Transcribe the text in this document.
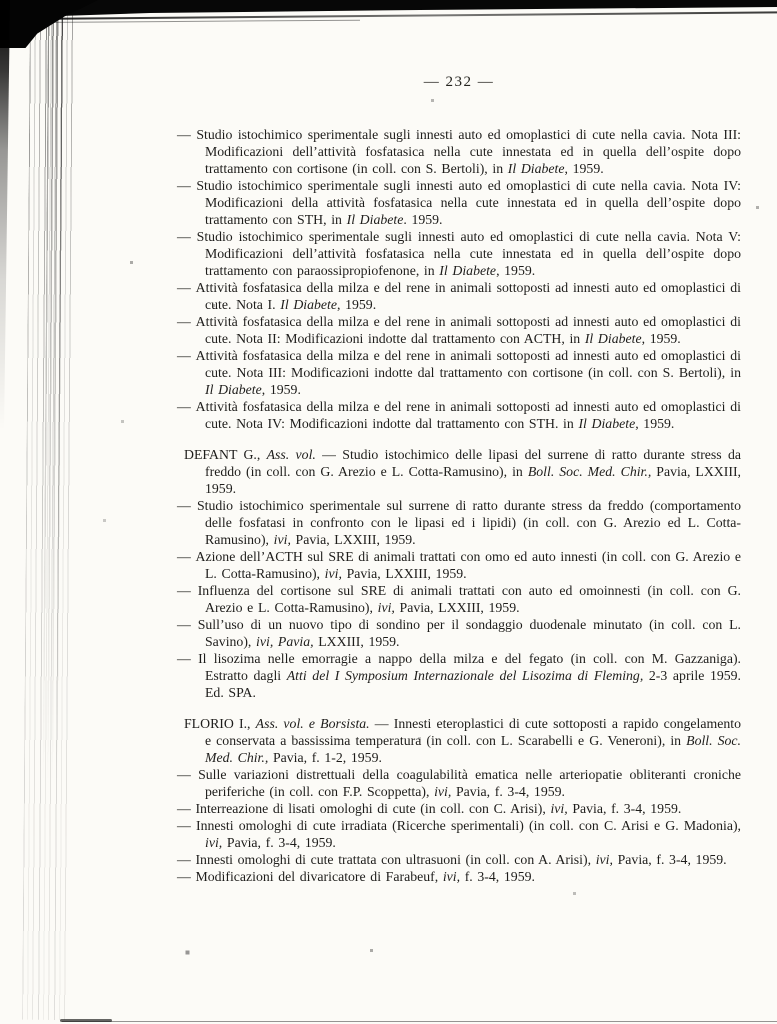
— 232 —

— Studio istochimico sperimentale sugli innesti auto ed omoplastici di cute nella cavia. Nota III: Modificazioni dell’attività fosfatasica nella cute innestata ed in quella dell’ospite dopo trattamento con cortisone (in coll. con S. Bertoli), in Il Diabete, 1959.

— Studio istochimico sperimentale sugli innesti auto ed omoplastici di cute nella cavia. Nota IV: Modificazioni della attività fosfatasica nella cute innestata ed in quella dell’ospite dopo trattamento con STH, in Il Diabete. 1959.

— Studio istochimico sperimentale sugli innesti auto ed omoplastici di cute nella cavia. Nota V: Modificazioni dell’attività fosfatasica nella cute innestata ed in quella dell’ospite dopo trattamento con paraossipropiofenone, in Il Diabete, 1959.

— Attività fosfatasica della milza e del rene in animali sottoposti ad innesti auto ed omoplastici di cute. Nota I. Il Diabete, 1959.

— Attività fosfatasica della milza e del rene in animali sottoposti ad innesti auto ed omoplastici di cute. Nota II: Modificazioni indotte dal trattamento con ACTH, in Il Diabete, 1959.

— Attività fosfatasica della milza e del rene in animali sottoposti ad innesti auto ed omoplastici di cute. Nota III: Modificazioni indotte dal trattamento con cortisone (in coll. con S. Bertoli), in Il Diabete, 1959.

— Attività fosfatasica della milza e del rene in animali sottoposti ad innesti auto ed omoplastici di cute. Nota IV: Modificazioni indotte dal trattamento con STH. in Il Diabete, 1959.

DEFANT G., Ass. vol. — Studio istochimico delle lipasi del surrene di ratto durante stress da freddo (in coll. con G. Arezio e L. Cotta-Ramusino), in Boll. Soc. Med. Chir., Pavia, LXXIII, 1959.

— Studio istochimico sperimentale sul surrene di ratto durante stress da freddo (comportamento delle fosfatasi in confronto con le lipasi ed i lipidi) (in coll. con G. Arezio ed L. Cotta-Ramusino), ivi, Pavia, LXXIII, 1959.

— Azione dell’ACTH sul SRE di animali trattati con omo ed auto innesti (in coll. con G. Arezio e L. Cotta-Ramusino), ivi, Pavia, LXXIII, 1959.

— Influenza del cortisone sul SRE di animali trattati con auto ed omoinnesti (in coll. con G. Arezio e L. Cotta-Ramusino), ivi, Pavia, LXXIII, 1959.

— Sull’uso di un nuovo tipo di sondino per il sondaggio duodenale minutato (in coll. con L. Savino), ivi, Pavia, LXXIII, 1959.

— Il lisozima nelle emorragie a nappo della milza e del fegato (in coll. con M. Gazzaniga). Estratto dagli Atti del I Symposium Internazionale del Lisozima di Fleming, 2-3 aprile 1959. Ed. SPA.

FLORIO I., Ass. vol. e Borsista. — Innesti eteroplastici di cute sottoposti a rapido congelamento e conservata a bassissima temperatura (in coll. con L. Scarabelli e G. Veneroni), in Boll. Soc. Med. Chir., Pavia, f. 1-2, 1959.

— Sulle variazioni distrettuali della coagulabilità ematica nelle arteriopatie obliteranti croniche periferiche (in coll. con F.P. Scoppetta), ivi, Pavia, f. 3-4, 1959.

— Interreazione di lisati omologhi di cute (in coll. con C. Arisi), ivi, Pavia, f. 3-4, 1959.

— Innesti omologhi di cute irradiata (Ricerche sperimentali) (in coll. con C. Arisi e G. Madonia), ivi, Pavia, f. 3-4, 1959.

— Innesti omologhi di cute trattata con ultrasuoni (in coll. con A. Arisi), ivi, Pavia, f. 3-4, 1959.

— Modificazioni del divaricatore di Farabeuf, ivi, f. 3-4, 1959.
